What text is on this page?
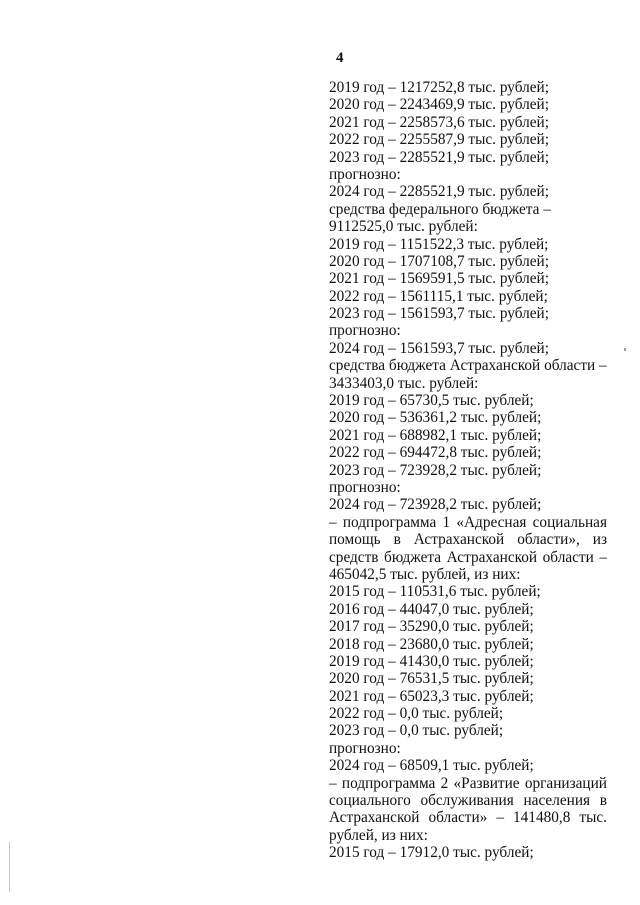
4
2019 год – 1217252,8 тыс. рублей;
2020 год – 2243469,9 тыс. рублей;
2021 год – 2258573,6 тыс. рублей;
2022 год – 2255587,9 тыс. рублей;
2023 год – 2285521,9 тыс. рублей;
прогнозно:
2024 год – 2285521,9 тыс. рублей;
средства федерального бюджета –
9112525,0 тыс. рублей:
2019 год – 1151522,3 тыс. рублей;
2020 год – 1707108,7 тыс. рублей;
2021 год – 1569591,5 тыс. рублей;
2022 год – 1561115,1 тыс. рублей;
2023 год – 1561593,7 тыс. рублей;
прогнозно:
2024 год – 1561593,7 тыс. рублей;
средства бюджета Астраханской области –
3433403,0 тыс. рублей:
2019 год – 65730,5 тыс. рублей;
2020 год – 536361,2 тыс. рублей;
2021 год – 688982,1 тыс. рублей;
2022 год – 694472,8 тыс. рублей;
2023 год – 723928,2 тыс. рублей;
прогнозно:
2024 год – 723928,2 тыс. рублей;
– подпрограмма 1 «Адресная социальная
помощь в Астраханской области», из
средств бюджета Астраханской области –
465042,5 тыс. рублей, из них:
2015 год – 110531,6 тыс. рублей;
2016 год – 44047,0 тыс. рублей;
2017 год – 35290,0 тыс. рублей;
2018 год – 23680,0 тыс. рублей;
2019 год – 41430,0 тыс. рублей;
2020 год – 76531,5 тыс. рублей;
2021 год – 65023,3 тыс. рублей;
2022 год – 0,0 тыс. рублей;
2023 год – 0,0 тыс. рублей;
прогнозно:
2024 год – 68509,1 тыс. рублей;
– подпрограмма 2 «Развитие организаций
социального обслуживания населения в
Астраханской области» – 141480,8 тыс.
рублей, из них:
2015 год – 17912,0 тыс. рублей;
